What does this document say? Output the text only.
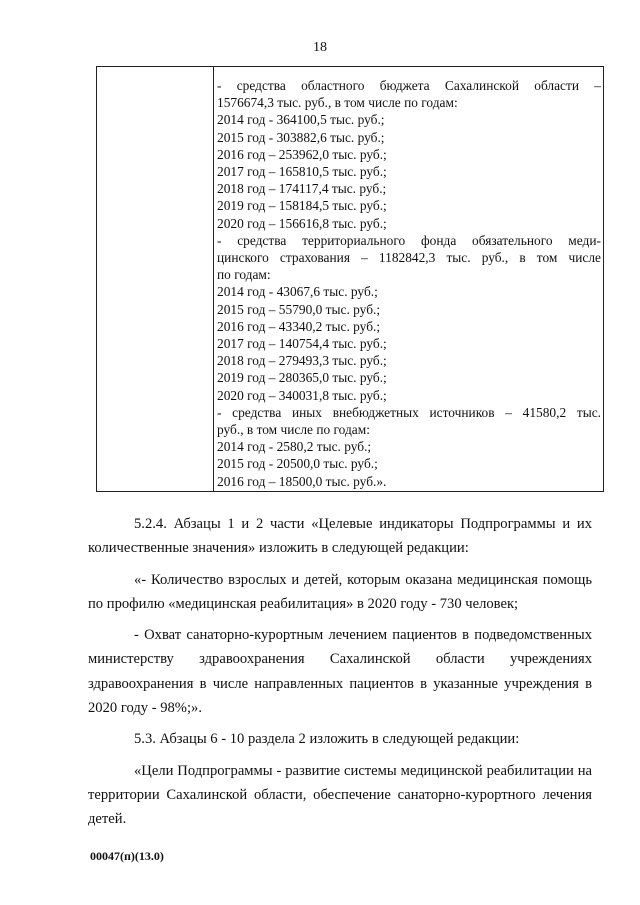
18
- средства областного бюджета Сахалинской области –
1576674,3 тыс. руб., в том числе по годам:
2014 год - 364100,5 тыс. руб.;
2015 год - 303882,6 тыс. руб.;
2016 год – 253962,0 тыс. руб.;
2017 год – 165810,5 тыс. руб.;
2018 год – 174117,4 тыс. руб.;
2019 год – 158184,5 тыс. руб.;
2020 год – 156616,8 тыс. руб.;
- средства территориального фонда обязательного меди-
цинского страхования – 1182842,3 тыс. руб., в том числе
по годам:
2014 год - 43067,6 тыс. руб.;
2015 год – 55790,0 тыс. руб.;
2016 год – 43340,2 тыс. руб.;
2017 год – 140754,4 тыс. руб.;
2018 год – 279493,3 тыс. руб.;
2019 год – 280365,0 тыс. руб.;
2020 год – 340031,8 тыс. руб.;
- средства иных внебюджетных источников – 41580,2 тыс.
руб., в том числе по годам:
2014 год - 2580,2 тыс. руб.;
2015 год - 20500,0 тыс. руб.;
2016 год – 18500,0 тыс. руб.».

5.2.4. Абзацы 1 и 2 части «Целевые индикаторы Подпрограммы и их количественные значения» изложить в следующей редакции:

«- Количество взрослых и детей, которым оказана медицинская помощь по профилю «медицинская реабилитация» в 2020 году - 730 человек;

- Охват санаторно-курортным лечением пациентов в подведомственных министерству здравоохранения Сахалинской области учреждениях здравоохранения в числе направленных пациентов в указанные учреждения в 2020 году - 98%;».

5.3. Абзацы 6 - 10 раздела 2 изложить в следующей редакции:

«Цели Подпрограммы - развитие системы медицинской реабилитации на территории Сахалинской области, обеспечение санаторно-курортного лечения детей.

00047(п)(13.0)
